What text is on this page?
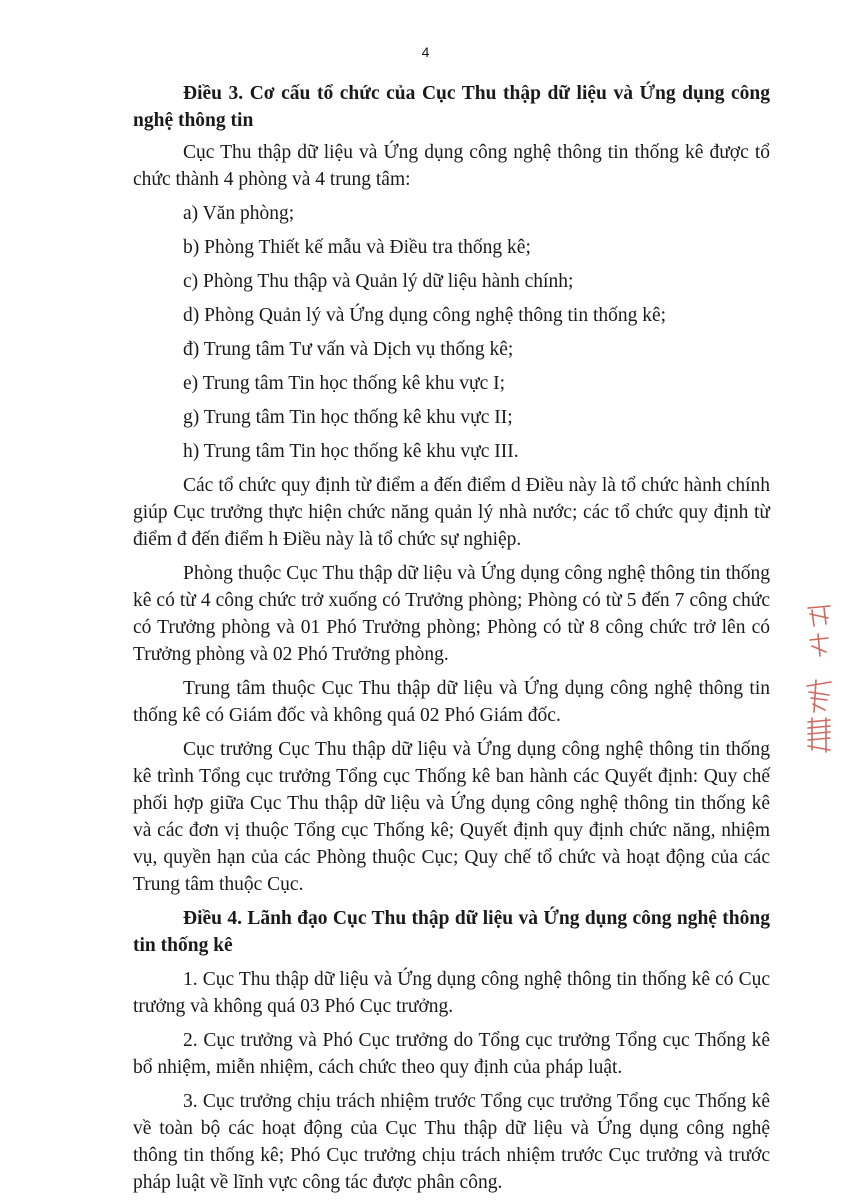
4

Điều 3. Cơ cấu tổ chức của Cục Thu thập dữ liệu và Ứng dụng công nghệ thông tin

Cục Thu thập dữ liệu và Ứng dụng công nghệ thông tin thống kê được tổ chức thành 4 phòng và 4 trung tâm:

a) Văn phòng;

b) Phòng Thiết kế mẫu và Điều tra thống kê;

c) Phòng Thu thập và Quản lý dữ liệu hành chính;

d) Phòng Quản lý và Ứng dụng công nghệ thông tin thống kê;

đ) Trung tâm Tư vấn và Dịch vụ thống kê;

e) Trung tâm Tin học thống kê khu vực I;

g) Trung tâm Tin học thống kê khu vực II;

h) Trung tâm Tin học thống kê khu vực III.

Các tổ chức quy định từ điểm a đến điểm d Điều này là tổ chức hành chính giúp Cục trưởng thực hiện chức năng quản lý nhà nước; các tổ chức quy định từ điểm đ đến điểm h Điều này là tổ chức sự nghiệp.

Phòng thuộc Cục Thu thập dữ liệu và Ứng dụng công nghệ thông tin thống kê có từ 4 công chức trở xuống có Trưởng phòng; Phòng có từ 5 đến 7 công chức có Trưởng phòng và 01 Phó Trưởng phòng; Phòng có từ 8 công chức trở lên có Trưởng phòng và 02 Phó Trưởng phòng.

Trung tâm thuộc Cục Thu thập dữ liệu và Ứng dụng công nghệ thông tin thống kê có Giám đốc và không quá 02 Phó Giám đốc.

Cục trưởng Cục Thu thập dữ liệu và Ứng dụng công nghệ thông tin thống kê trình Tổng cục trưởng Tổng cục Thống kê ban hành các Quyết định: Quy chế phối hợp giữa Cục Thu thập dữ liệu và Ứng dụng công nghệ thông tin thống kê và các đơn vị thuộc Tổng cục Thống kê; Quyết định quy định chức năng, nhiệm vụ, quyền hạn của các Phòng thuộc Cục; Quy chế tổ chức và hoạt động của các Trung tâm thuộc Cục.

Điều 4. Lãnh đạo Cục Thu thập dữ liệu và Ứng dụng công nghệ thông tin thống kê

1. Cục Thu thập dữ liệu và Ứng dụng công nghệ thông tin thống kê có Cục trưởng và không quá 03 Phó Cục trưởng.

2. Cục trưởng và Phó Cục trưởng do Tổng cục trưởng Tổng cục Thống kê bổ nhiệm, miễn nhiệm, cách chức theo quy định của pháp luật.

3. Cục trưởng chịu trách nhiệm trước Tổng cục trưởng Tổng cục Thống kê về toàn bộ các hoạt động của Cục Thu thập dữ liệu và Ứng dụng công nghệ thông tin thống kê; Phó Cục trưởng chịu trách nhiệm trước Cục trưởng và trước pháp luật về lĩnh vực công tác được phân công.
